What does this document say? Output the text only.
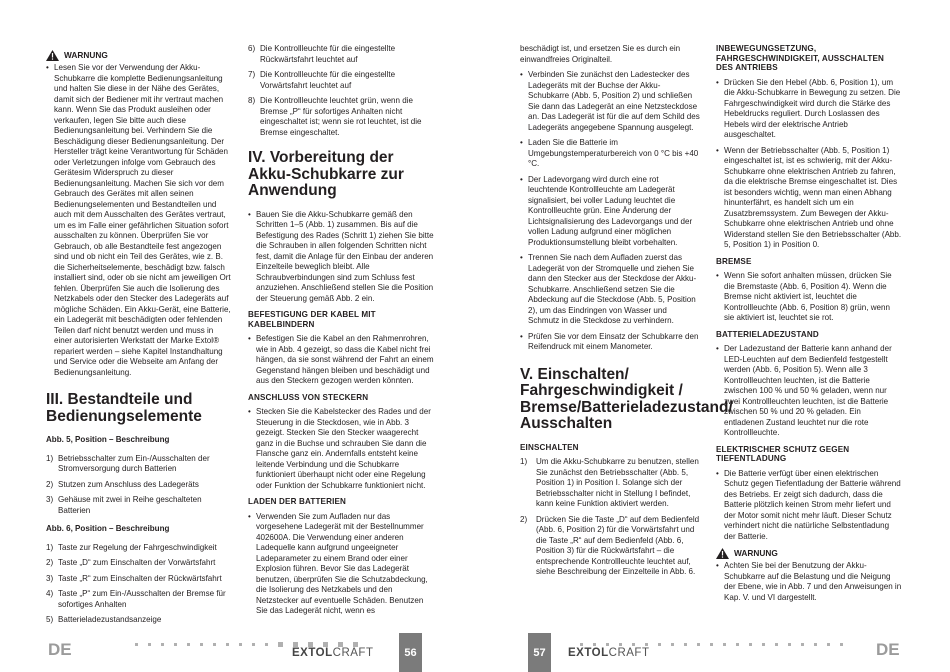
WARNUNG
• Lesen Sie vor der Verwendung der Akku-Schubkarre die komplette Bedienungsanleitung und halten Sie diese in der Nähe des Gerätes, damit sich der Bediener mit ihr vertraut machen kann. Wenn Sie das Produkt ausleihen oder verkaufen, legen Sie bitte auch diese Bedienungsanleitung bei. Verhindern Sie die Beschädigung dieser Bedienungsanleitung. Der Hersteller trägt keine Verantwortung für Schäden oder Verletzungen infolge vom Gebrauch des Gerätesim Widerspruch zu dieser Bedienungsanleitung. Machen Sie sich vor dem Gebrauch des Gerätes mit allen seinen Bedienungselementen und Bestandteilen und auch mit dem Ausschalten des Gerätes vertraut, um es im Falle einer gefährlichen Situation sofort ausschalten zu können. Überprüfen Sie vor Gebrauch, ob alle Bestandteile fest angezogen sind und ob nicht ein Teil des Gerätes, wie z. B. die Sicherheitselemente, beschädigt bzw. falsch installiert sind, oder ob sie nicht am jeweiligen Ort fehlen. Überprüfen Sie auch die Isolierung des Netzkabels oder den Stecker des Ladegeräts auf mögliche Schäden. Ein Akku-Gerät, eine Batterie, ein Ladegerät mit beschädigten oder fehlenden Teilen darf nicht benutzt werden und muss in einer autorisierten Werkstatt der Marke Extol® repariert werden – siehe Kapitel Instandhaltung und Service oder die Webseite am Anfang der Bedienungsanleitung.
III. Bestandteile und Bedienungselemente

Abb. 5, Position – Beschreibung

1) Betriebsschalter zum Ein-/Ausschalten der Stromversorgung durch Batterien
2) Stutzen zum Anschluss des Ladegeräts
3) Gehäuse mit zwei in Reihe geschalteten Batterien

Abb. 6, Position – Beschreibung

1) Taste zur Regelung der Fahrgeschwindigkeit
2) Taste „D“ zum Einschalten der Vorwärtsfahrt
3) Taste „R“ zum Einschalten der Rückwärtsfahrt
4) Taste „P“ zum Ein-/Ausschalten der Bremse für sofortiges Anhalten
5) Batterieladezustandsanzeige
6) Die Kontrollleuchte für die eingestellte Rückwärtsfahrt leuchtet auf
7) Die Kontrollleuchte für die eingestellte Vorwärtsfahrt leuchtet auf
8) Die Kontrollleuchte leuchtet grün, wenn die Bremse „P“ für sofortiges Anhalten nicht eingeschaltet ist; wenn sie rot leuchtet, ist die Bremse eingeschaltet.
IV. Vorbereitung der Akku-Schubkarre zur Anwendung
• Bauen Sie die Akku-Schubkarre gemäß den Schritten 1–5 (Abb. 1) zusammen. Bis auf die Befestigung des Rades (Schritt 1) ziehen Sie bitte die Schrauben in allen folgenden Schritten nicht fest, damit die Anlage für den Einbau der anderen Einzelteile beweglich bleibt. Alle Schraubverbindungen sind zum Schluss fest anzuziehen. Anschließend stellen Sie die Position der Steuerung gemäß Abb. 2 ein.
BEFESTIGUNG DER KABEL MIT KABELBINDERN
• Befestigen Sie die Kabel an den Rahmenrohren, wie in Abb. 4 gezeigt, so dass die Kabel nicht frei hängen, da sie sonst während der Fahrt an einem Gegenstand hängen bleiben und beschädigt und aus den Steckern gezogen werden könnten.
ANSCHLUSS VON STECKERN
• Stecken Sie die Kabelstecker des Rades und der Steuerung in die Steckdosen, wie in Abb. 3 gezeigt. Stecken Sie den Stecker waagerecht ganz in die Buchse und schrauben Sie dann die Flansche ganz ein. Andernfalls entsteht keine leitende Verbindung und die Schubkarre funktioniert überhaupt nicht oder eine Regelung oder Funktion der Schubkarre funktioniert nicht.
LADEN DER BATTERIEN
• Verwenden Sie zum Aufladen nur das vorgesehene Ladegerät mit der Bestellnummer 402600A. Die Verwendung einer anderen Ladequelle kann aufgrund ungeeigneter Ladeparameter zu einem Brand oder einer Explosion führen. Bevor Sie das Ladegerät benutzen, überprüfen Sie die Schutzabdeckung, die Isolierung des Netzkabels und den Netzstecker auf eventuelle Schäden. Benutzen Sie das Ladegerät nicht, wenn es

beschädigt ist, und ersetzen Sie es durch ein einwandfreies Originalteil.

• Verbinden Sie zunächst den Ladestecker des Ladegeräts mit der Buchse der Akku-Schubkarre (Abb. 5, Position 2) und schließen Sie dann das Ladegerät an eine Netzsteckdose an. Das Ladegerät ist für die auf dem Schild des Ladegeräts angegebene Spannung ausgelegt.
• Laden Sie die Batterie im Umgebungstemperaturbereich von 0 °C bis +40 °C.
• Der Ladevorgang wird durch eine rot leuchtende Kontrollleuchte am Ladegerät signalisiert, bei voller Ladung leuchtet die Kontrollleuchte grün. Eine Änderung der Lichtsignalisierung des Ladevorgangs und der vollen Ladung aufgrund einer möglichen Produktionsumstellung bleibt vorbehalten.
• Trennen Sie nach dem Aufladen zuerst das Ladegerät von der Stromquelle und ziehen Sie dann den Stecker aus der Steckdose der Akku-Schubkarre. Anschließend setzen Sie die Abdeckung auf die Steckdose (Abb. 5, Position 2), um das Eindringen von Wasser und Schmutz in die Steckdose zu verhindern.
• Prüfen Sie vor dem Einsatz der Schubkarre den Reifendruck mit einem Manometer.
V. Einschalten/ Fahrgeschwindigkeit / Bremse/Batterieladezustand/ Ausschalten
EINSCHALTEN
1)	Um die Akku-Schubkarre zu benutzen, stellen Sie zunächst den Betriebsschalter (Abb. 5, Position 1) in Position I. Solange sich der Betriebsschalter nicht in Stellung I befindet, kann keine Funktion aktiviert werden.
2)	Drücken Sie die Taste „D“ auf dem Bedienfeld (Abb. 6, Position 2) für die Vorwärtsfahrt und die Taste „R“ auf dem Bedienfeld (Abb. 6, Position 3) für die Rückwärtsfahrt – die entsprechende Kontrollleuchte leuchtet auf, siehe Beschreibung der Einzelteile in Abb. 6.
INBEWEGUNGSETZUNG, FAHRGESCHWINDIGKEIT, AUSSCHALTEN DES ANTRIEBS
• Drücken Sie den Hebel (Abb. 6, Position 1), um die Akku-Schubkarre in Bewegung zu setzen. Die Fahrgeschwindigkeit wird durch die Stärke des Hebeldrucks reguliert. Durch Loslassen des Hebels wird der elektrische Antrieb ausgeschaltet.
• Wenn der Betriebsschalter (Abb. 5, Position 1) eingeschaltet ist, ist es schwierig, mit der Akku-Schubkarre ohne elektrischen Antrieb zu fahren, da die elektrische Bremse eingeschaltet ist. Dies ist besonders wichtig, wenn man einen Abhang hinunterfährt, es handelt sich um ein Zusatzbremssystem. Zum Bewegen der Akku-Schubkarre ohne elektrischen Antrieb und ohne Widerstand stellen Sie den Betriebsschalter (Abb. 5, Position 1) in Position 0.
BREMSE
• Wenn Sie sofort anhalten müssen, drücken Sie die Bremstaste (Abb. 6, Position 4). Wenn die Bremse nicht aktiviert ist, leuchtet die Kontrollleuchte (Abb. 6, Position 8) grün, wenn sie aktiviert ist, leuchtet sie rot.
BATTERIELADEZUSTAND
• Der Ladezustand der Batterie kann anhand der LED-Leuchten auf dem Bedienfeld festgestellt werden (Abb. 6, Position 5). Wenn alle 3 Kontrollleuchten leuchten, ist die Batterie zwischen 100 % und 50 % geladen, wenn nur zwei Kontrollleuchten leuchten, ist die Batterie zwischen 50 % und 20 % geladen. Ein entladenen Zustand leuchtet nur die rote Kontrollleuchte.
ELEKTRISCHER SCHUTZ GEGEN TIEFENTLADUNG
• Die Batterie verfügt über einen elektrischen Schutz gegen Tiefentladung der Batterie während des Betriebs. Er zeigt sich dadurch, dass die Batterie plötzlich keinen Strom mehr liefert und der Motor somit nicht mehr läuft. Dieser Schutz verhindert nicht die natürliche Selbstentladung der Batterie.
WARNUNG
• Achten Sie bei der Benutzung der Akku-Schubkarre auf die Belastung und die Neigung der Ebene, wie in Abb. 7 und den Anweisungen in Kap. V. und VI dargestellt.
DE	DE
EXTOLCRAFT	56	57	EXTOLCRAFT
